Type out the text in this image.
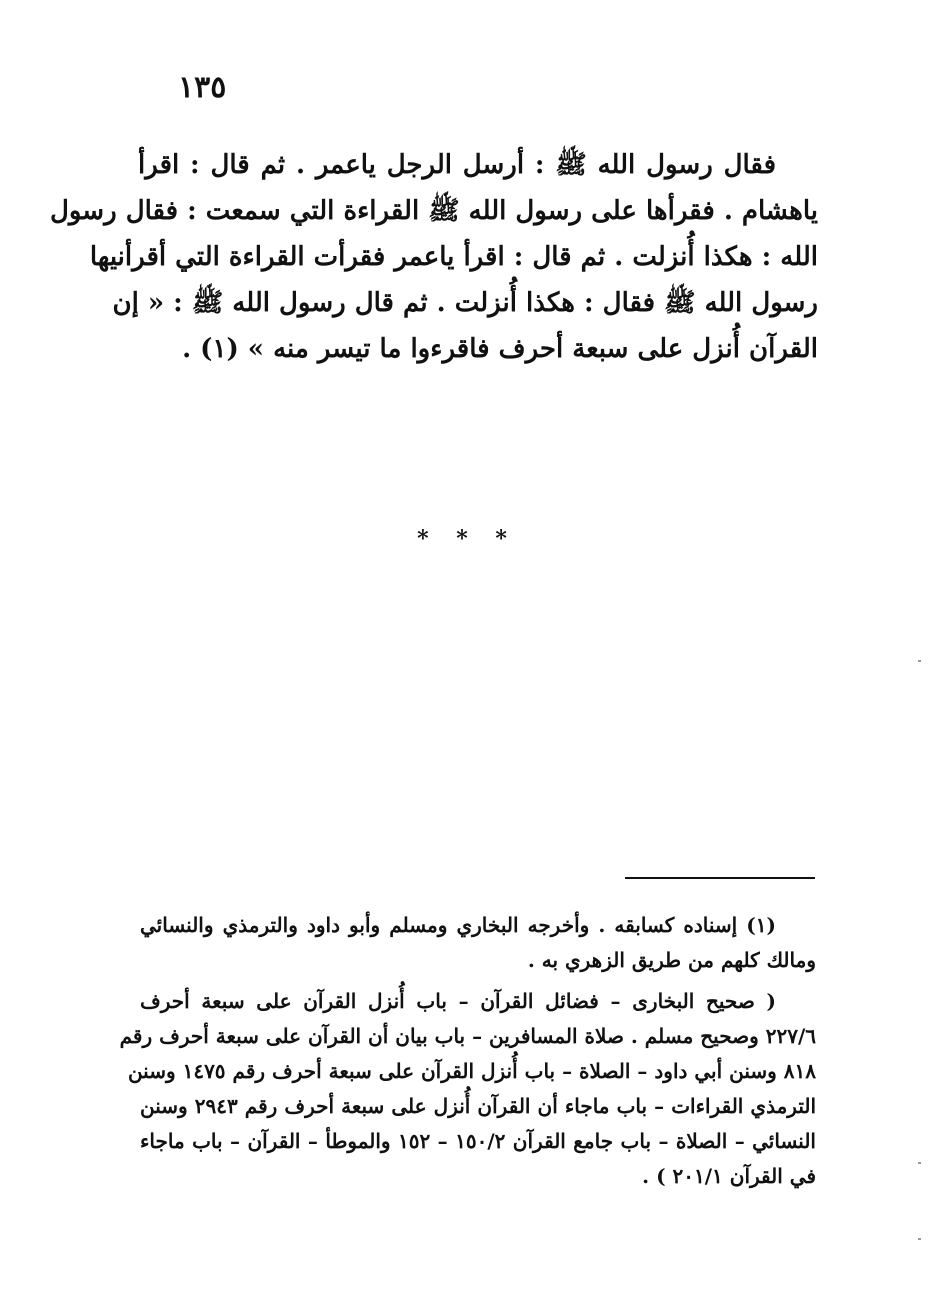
١٣٥
فقال رسول الله ﷺ : أرسل الرجل ياعمر . ثم قال : اقرأ
ياهشام . فقرأها على رسول الله ﷺ القراءة التي سمعت : فقال رسول
الله : هكذا أُنزلت . ثم قال : اقرأ ياعمر فقرأت القراءة التي أقرأنيها
رسول الله ﷺ فقال : هكذا أُنزلت . ثم قال رسول الله ﷺ : « إن
القرآن أُنزل على سبعة أحرف فاقرءوا ما تيسر منه » (١) .
* * *
(١) إسناده كسابقه . وأخرجه البخاري ومسلم وأبو داود والترمذي والنسائي
ومالك كلهم من طريق الزهري به .
( صحيح البخارى – فضائل القرآن – باب أُنزل القرآن على سبعة أحرف
٢٢٧/٦ وصحيح مسلم . صلاة المسافرين – باب بيان أن القرآن على سبعة أحرف رقم
٨١٨ وسنن أبي داود – الصلاة – باب أُنزل القرآن على سبعة أحرف رقم ١٤٧٥ وسنن
الترمذي القراءات – باب ماجاء أن القرآن أُنزل على سبعة أحرف رقم ٢٩٤٣ وسنن
النسائي – الصلاة – باب جامع القرآن ١٥٠/٢ – ١٥٢ والموطأ – القرآن – باب ماجاء
في القرآن ٢٠١/١ ) .
